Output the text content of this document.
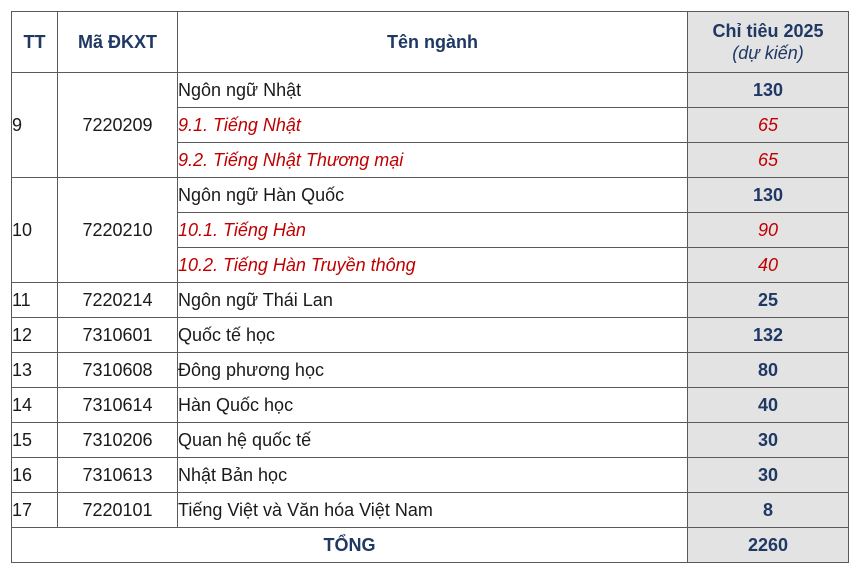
TT	Mã ĐKXT	Tên ngành	Chỉ tiêu 2025
(dự kiến)

9	7220209	Ngôn ngữ Nhật	130
		9.1. Tiếng Nhật	65
		9.2. Tiếng Nhật Thương mại	65
10	7220210	Ngôn ngữ Hàn Quốc	130
		10.1. Tiếng Hàn	90
		10.2. Tiếng Hàn Truyền thông	40
11	7220214	Ngôn ngữ Thái Lan	25
12	7310601	Quốc tế học	132
13	7310608	Đông phương học	80
14	7310614	Hàn Quốc học	40
15	7310206	Quan hệ quốc tế	30
16	7310613	Nhật Bản học	30
17	7220101	Tiếng Việt và Văn hóa Việt Nam	8
TỔNG			2260
